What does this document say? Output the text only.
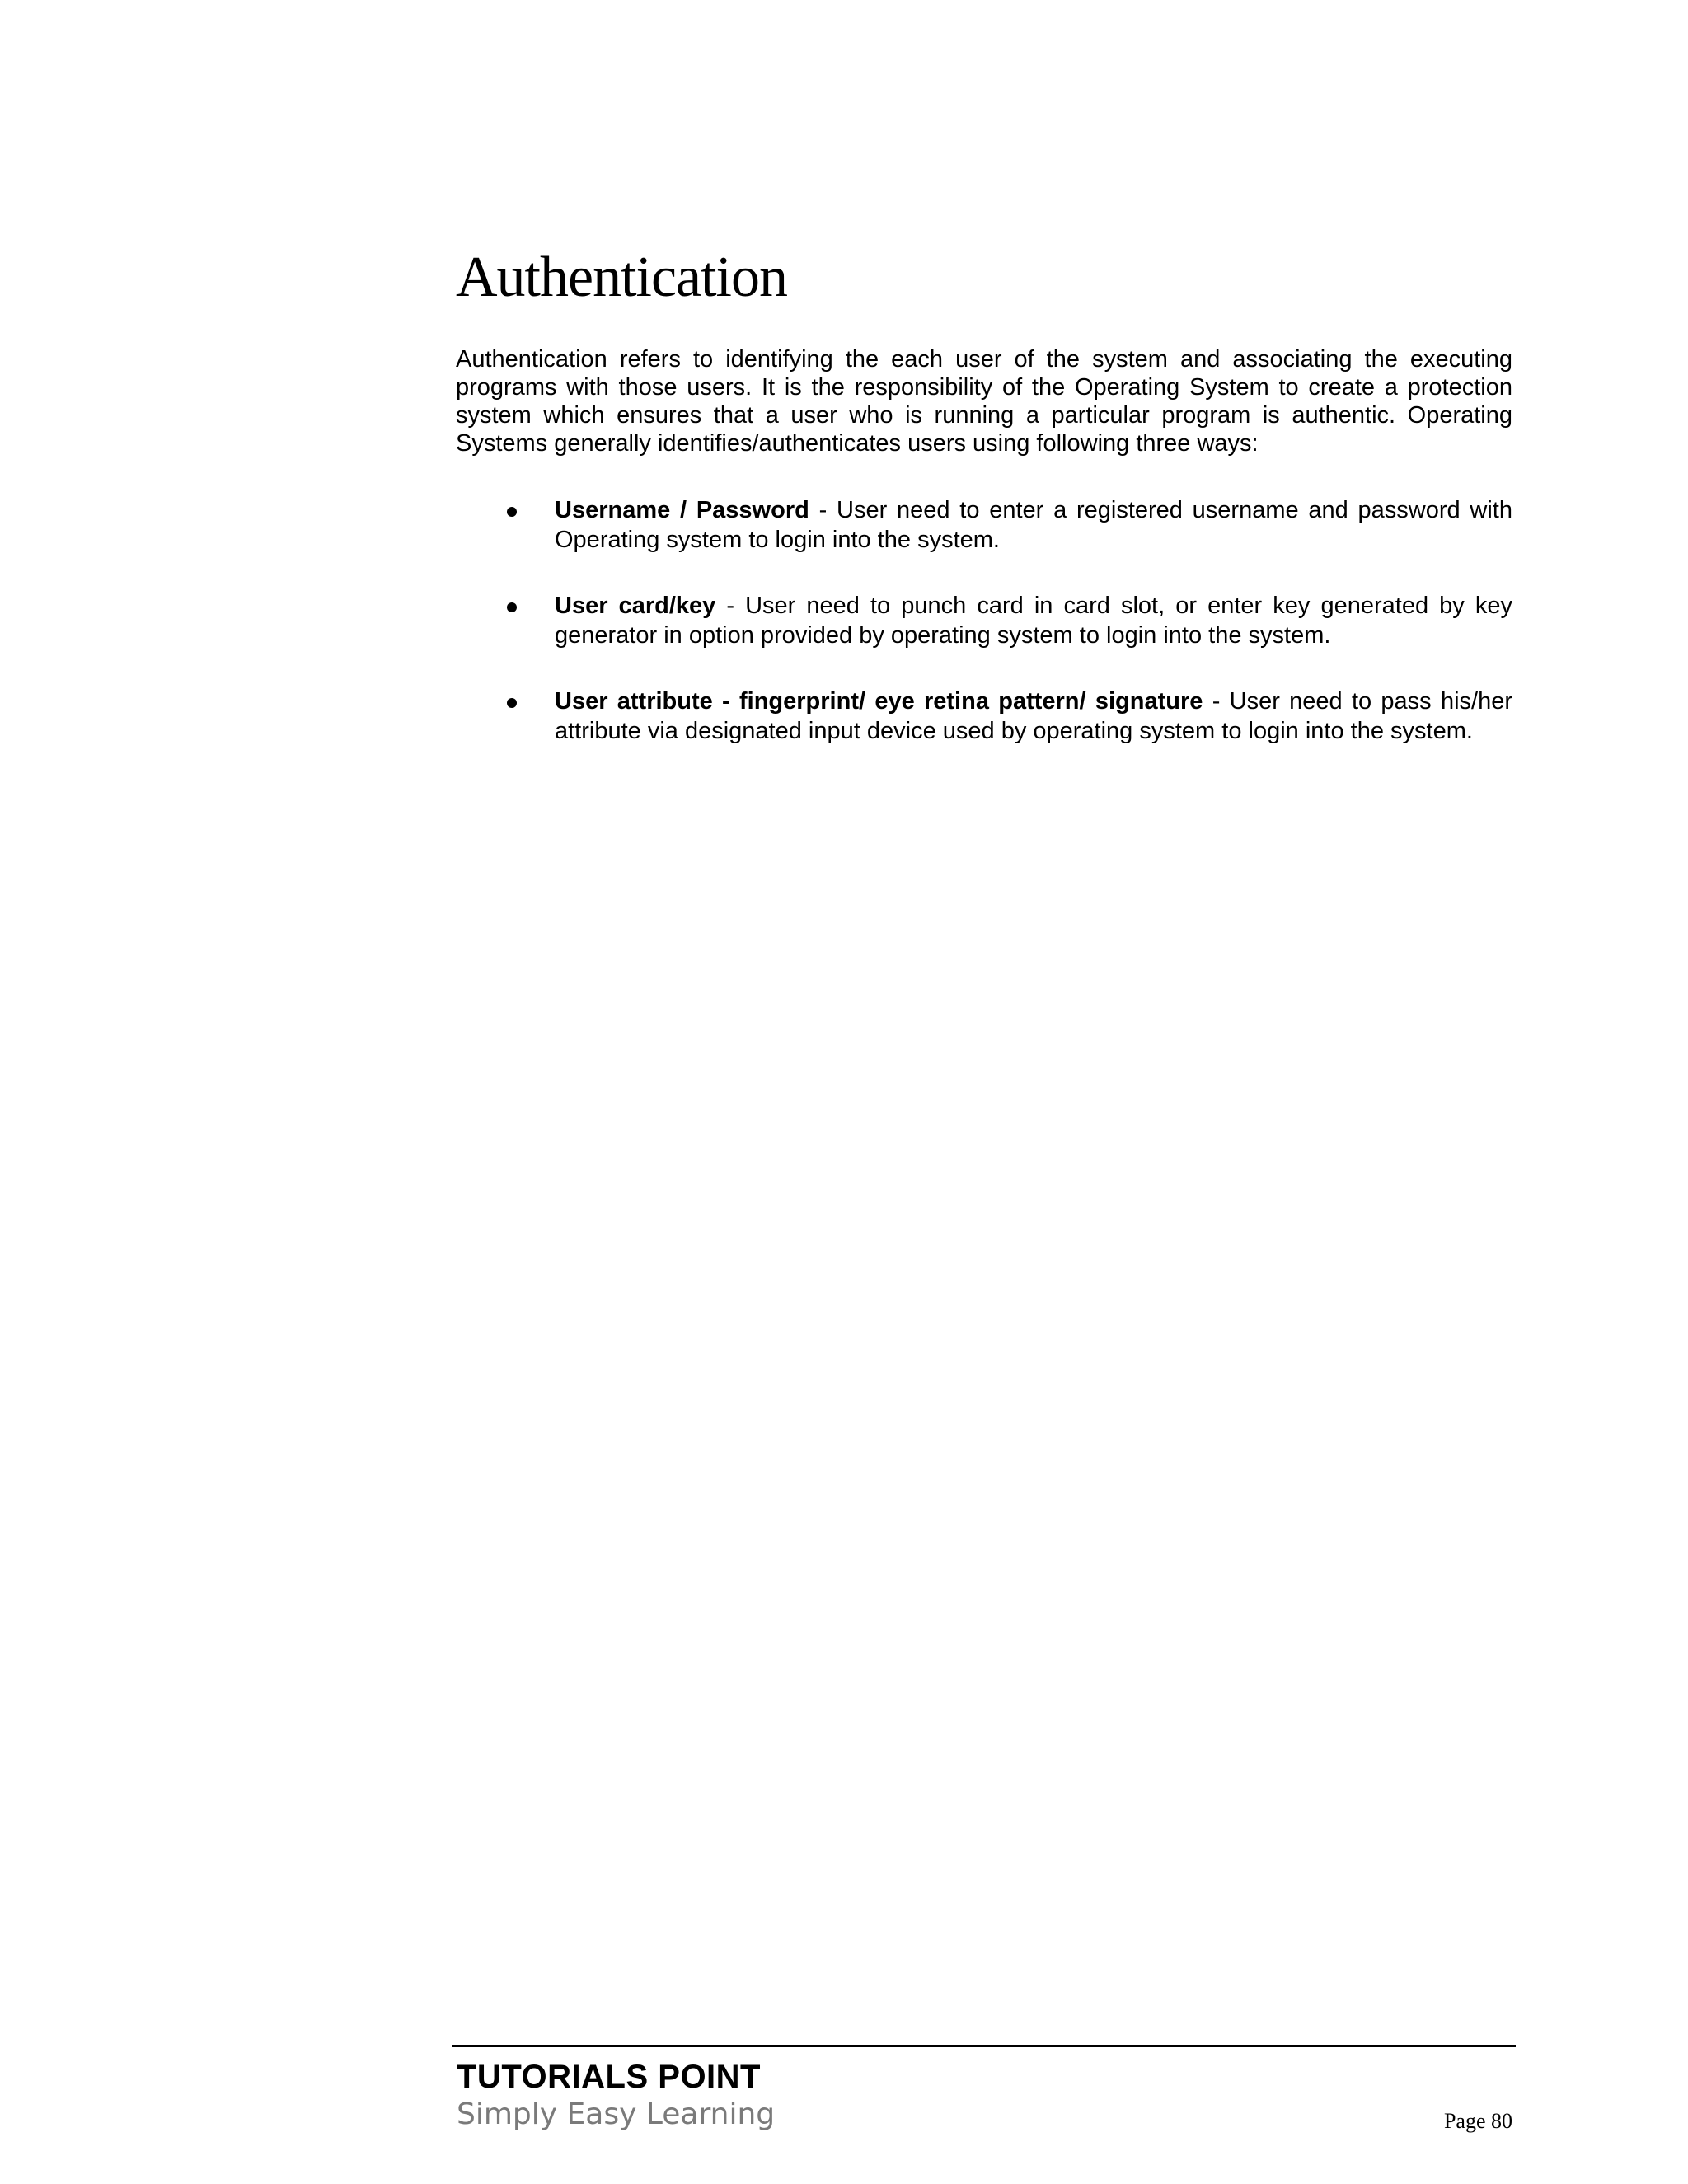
Authentication

Authentication refers to identifying the each user of the system and associating the executing programs with those users. It is the responsibility of the Operating System to create a protection system which ensures that a user who is running a particular program is authentic. Operating Systems generally identifies/authenticates users using following three ways:

Username / Password - User need to enter a registered username and password with Operating system to login into the system.
User card/key - User need to punch card in card slot, or enter key generated by key generator in option provided by operating system to login into the system.
User attribute - fingerprint/ eye retina pattern/ signature - User need to pass his/her attribute via designated input device used by operating system to login into the system.
TUTORIALS POINT
Simply Easy Learning	Page 80
